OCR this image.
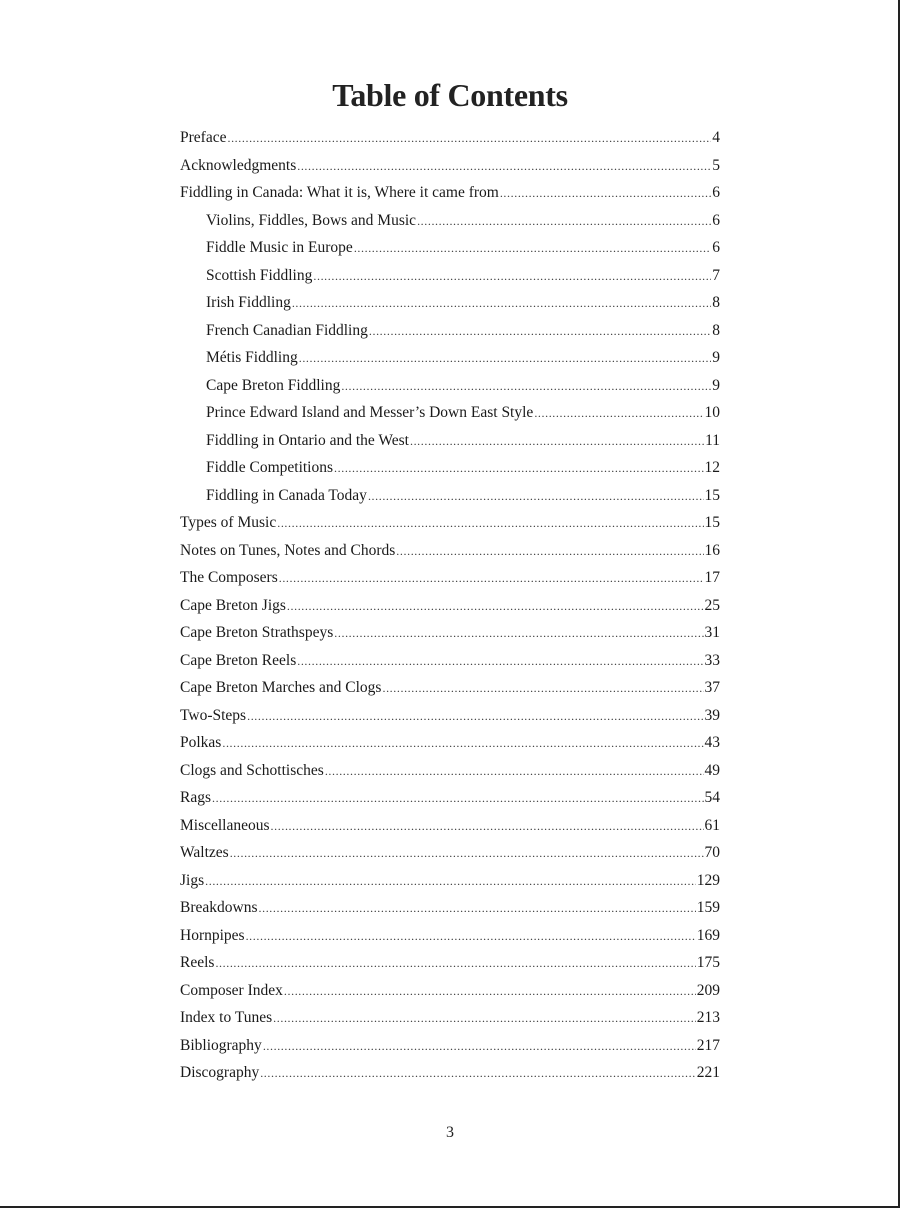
Table of Contents
Preface .....	4
Acknowledgments .....	5
Fiddling in Canada: What it is, Where it came from .....	6
Violins, Fiddles, Bows and Music .....	6
Fiddle Music in Europe .....	6
Scottish Fiddling .....	7
Irish Fiddling .....	8
French Canadian Fiddling .....	8
Métis Fiddling .....	9
Cape Breton Fiddling .....	9
Prince Edward Island and Messer’s Down East Style .....	10
Fiddling in Ontario and the West .....	11
Fiddle Competitions .....	12
Fiddling in Canada Today .....	15
Types of Music .....	15
Notes on Tunes, Notes and Chords .....	16
The Composers .....	17
Cape Breton Jigs .....	25
Cape Breton Strathspeys .....	31
Cape Breton Reels .....	33
Cape Breton Marches and Clogs .....	37
Two-Steps .....	39
Polkas .....	43
Clogs and Schottisches .....	49
Rags .....	54
Miscellaneous .....	61
Waltzes .....	70
Jigs .....	129
Breakdowns .....	159
Hornpipes .....	169
Reels .....	175
Composer Index .....	209
Index to Tunes .....	213
Bibliography .....	217
Discography .....	221
3
